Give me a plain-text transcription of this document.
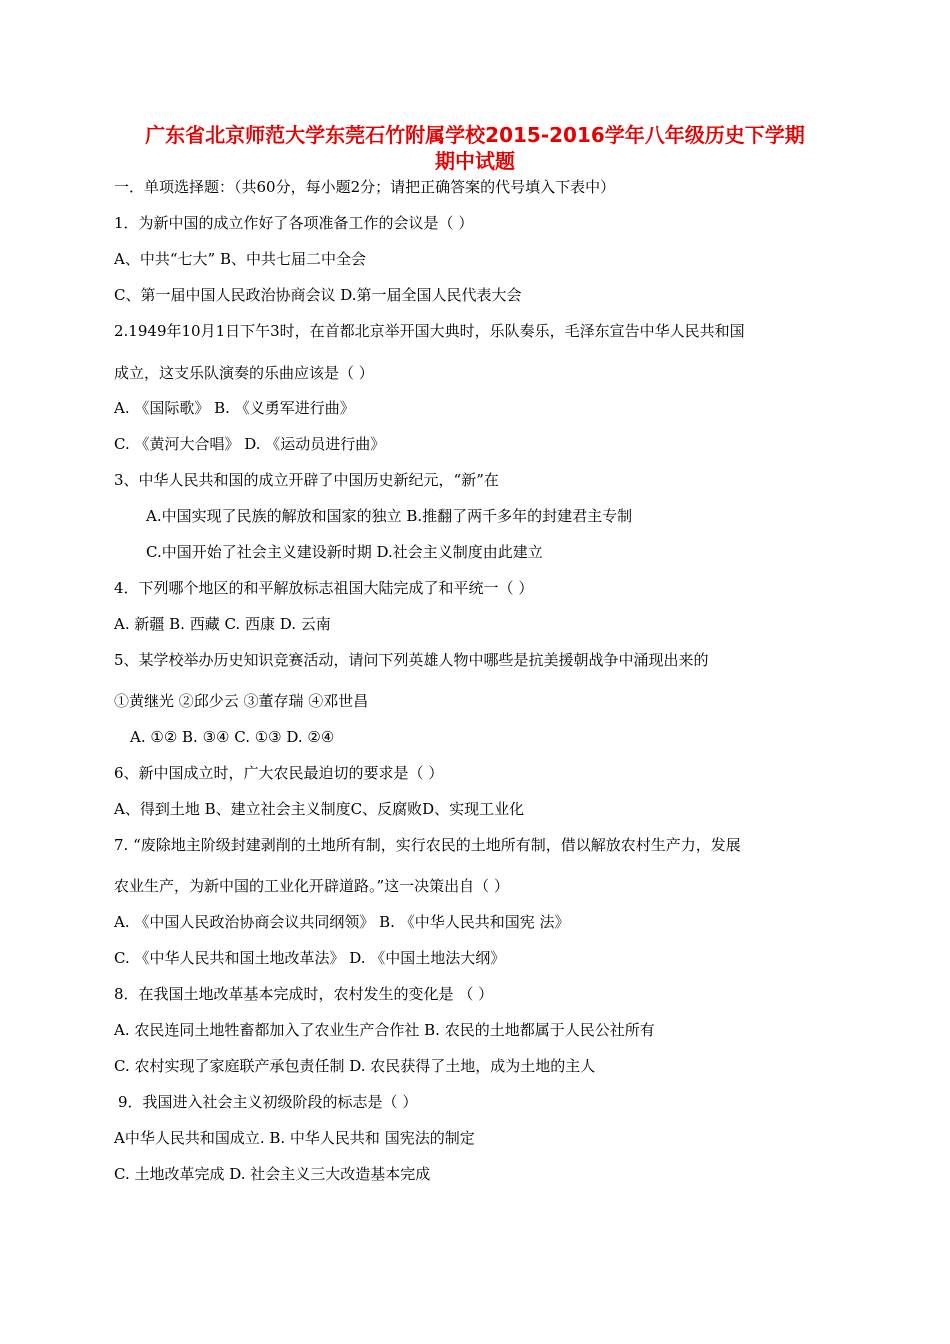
广东省北京师范大学东莞石竹附属学校2015-2016学年八年级历史下学期
期中试题
一．单项选择题：（共60分，每小题2分；请把正确答案的代号填入下表中）
1．为新中国的成立作好了各项准备工作的会议是（ ）
A、中共“七大” B、中共七届二中全会
C、第一届中国人民政治协商会议 D.第一届全国人民代表大会
2.1949年10月1日下午3时，在首都北京举开国大典时，乐队奏乐，毛泽东宣告中华人民共和国
成立，这支乐队演奏的乐曲应该是（ ）
A. 《国际歌》 B. 《义勇军进行曲》
C. 《黄河大合唱》 D. 《运动员进行曲》
3、中华人民共和国的成立开辟了中国历史新纪元，“新”在
A.中国实现了民族的解放和国家的独立 B.推翻了两千多年的封建君主专制
C.中国开始了社会主义建设新时期 D.社会主义制度由此建立
4．下列哪个地区的和平解放标志祖国大陆完成了和平统一（ ）
A. 新疆 B. 西藏 C. 西康 D. 云南
5、某学校举办历史知识竞赛活动，请问下列英雄人物中哪些是抗美援朝战争中涌现出来的
①黄继光 ②邱少云 ③董存瑞 ④邓世昌
A. ①② B. ③④ C. ①③ D. ②④
6、新中国成立时，广大农民最迫切的要求是（ ）
A、得到土地 B、建立社会主义制度C、反腐败D、实现工业化
7. “废除地主阶级封建剥削的土地所有制，实行农民的土地所有制，借以解放农村生产力，发展
农业生产，为新中国的工业化开辟道路。”这一决策出自（ ）
A. 《中国人民政治协商会议共同纲领》 B. 《中华人民共和国宪 法》
C. 《中华人民共和国土地改革法》 D. 《中国土地法大纲》
8．在我国土地改革基本完成时，农村发生的变化是 （ ）
A. 农民连同土地牲畜都加入了农业生产合作社 B. 农民的土地都属于人民公社所有
C. 农村实现了家庭联产承包责任制 D. 农民获得了土地，成为土地的主人
9．我国进入社会主义初级阶段的标志是（ ）
A中华人民共和国成立. B. 中华人民共和 国宪法的制定
C. 土地改革完成 D. 社会主义三大改造基本完成
